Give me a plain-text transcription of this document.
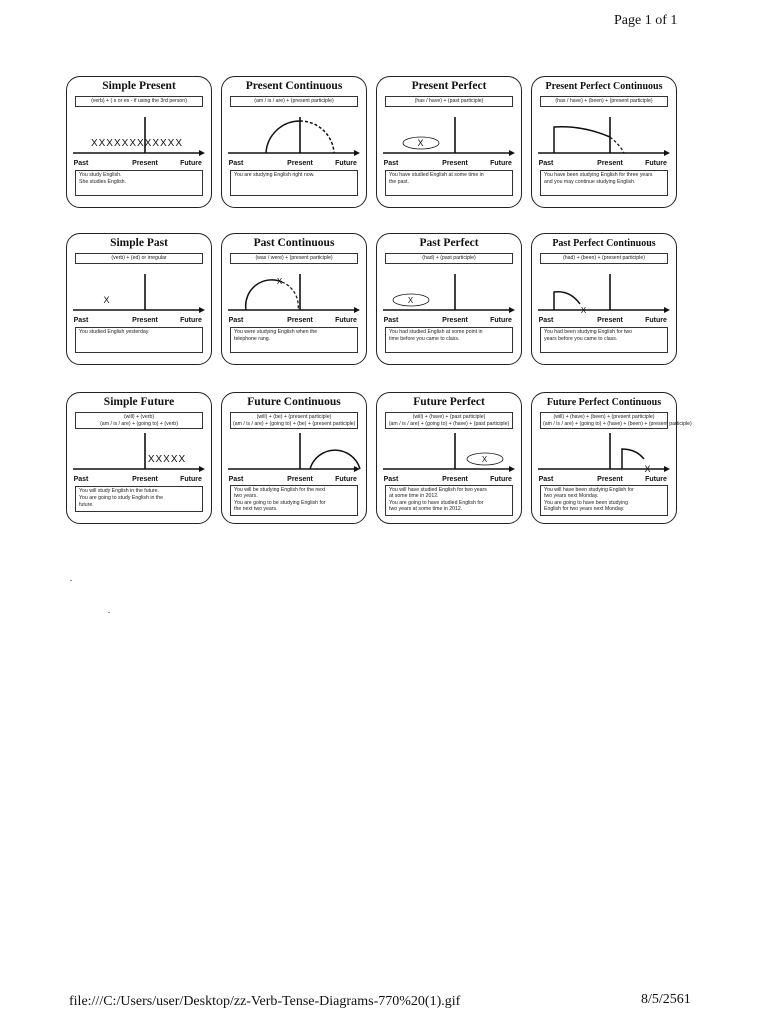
Page 1 of 1
Simple Present
(verb) + ( s or es - if using the 3rd person)
XXXXXXXXXXXX
Past	Present	Future
You study English.
She studies English.
Present Continuous
(am / is / are) + (present participle)
Past	Present	Future
You are studying English right now.
Present Perfect
(has / have) + (past participle)
X
Past	Present	Future
You have studied English at some time in
the past.
Present Perfect Continuous
(has / have) + (been) + (present participle)
Past	Present	Future
You have been studying English for three years
and you may continue studying English.
Simple Past
(verb) + (ed) or irregular
X
Past	Present	Future
You studied English yesterday.
Past Continuous
(was / were) + (present participle)
X
Past	Present	Future
You were studying English when the
telephone rang.
Past Perfect
(had) + (past participle)
X
Past	Present	Future
You had studied English at some point in
time before you came to class.
Past Perfect Continuous
(had) + (been) + (present participle)
X
Past	Present	Future
You had been studying English for two
years before you came to class.
Simple Future
(will) + (verb)
(am / is / are) + (going to) + (verb)
XXXXX
Past	Present	Future
You will study English in the future.
You are going to study English in the
future.
Future Continuous
(will) + (be) + (present participle)
(am / is / are) + (going to) + (be) + (present participle)
Past	Present	Future
You will be studying English for the next
two years.
You are going to be studying English for
the next two years.
Future Perfect
(will) + (have) + (past participle)
(am / is / are) + (going to) + (have) + (past participle)
X
Past	Present	Future
You will have studied English for two years
at some time in 2012.
You are going to have studied English for
two years at some time in 2012.
Future Perfect Continuous
(will) + (have) + (been) + (present participle)
(am / is / are) + (going to) + (have) + (been) + (present participle)
X
Past	Present	Future
You will have been studying English for
two years next Monday.
You are going to have been studying
English for two years next Monday.
file:///C:/Users/user/Desktop/zz-Verb-Tense-Diagrams-770%20(1).gif	8/5/2561
